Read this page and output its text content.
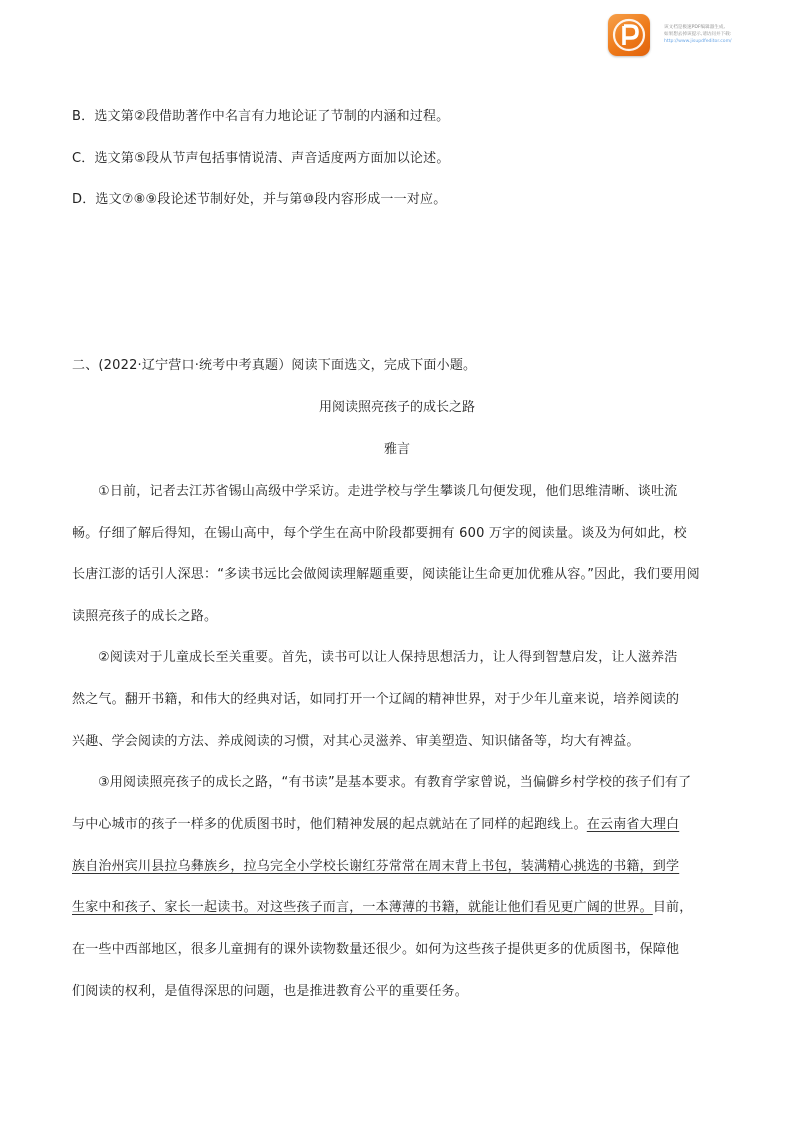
该文档是极速PDF编辑器生成,
如果想去掉该提示,请访问并下载:
http://www.jisupdfeditor.com/
B．选文第②段借助著作中名言有力地论证了节制的内涵和过程。
C．选文第⑤段从节声包括事情说清、声音适度两方面加以论述。
D．选文⑦⑧⑨段论述节制好处，并与第⑩段内容形成一一对应。
二、(2022·辽宁营口·统考中考真题）阅读下面选文，完成下面小题。
用阅读照亮孩子的成长之路
雅言
①日前，记者去江苏省锡山高级中学采访。走进学校与学生攀谈几句便发现，他们思维清晰、谈吐流
畅。仔细了解后得知，在锡山高中，每个学生在高中阶段都要拥有 600 万字的阅读量。谈及为何如此，校
长唐江澎的话引人深思：“多读书远比会做阅读理解题重要，阅读能让生命更加优雅从容。”因此，我们要用阅
读照亮孩子的成长之路。
②阅读对于儿童成长至关重要。首先，读书可以让人保持思想活力，让人得到智慧启发，让人滋养浩
然之气。翻开书籍，和伟大的经典对话，如同打开一个辽阔的精神世界，对于少年儿童来说，培养阅读的
兴趣、学会阅读的方法、养成阅读的习惯，对其心灵滋养、审美塑造、知识储备等，均大有裨益。
③用阅读照亮孩子的成长之路，“有书读”是基本要求。有教育学家曾说，当偏僻乡村学校的孩子们有了
与中心城市的孩子一样多的优质图书时，他们精神发展的起点就站在了同样的起跑线上。在云南省大理白
族自治州宾川县拉乌彝族乡，拉乌完全小学校长谢红芬常常在周末背上书包，装满精心挑选的书籍，到学
生家中和孩子、家长一起读书。对这些孩子而言，一本薄薄的书籍，就能让他们看见更广阔的世界。目前，
在一些中西部地区，很多儿童拥有的课外读物数量还很少。如何为这些孩子提供更多的优质图书，保障他
们阅读的权利，是值得深思的问题，也是推进教育公平的重要任务。
